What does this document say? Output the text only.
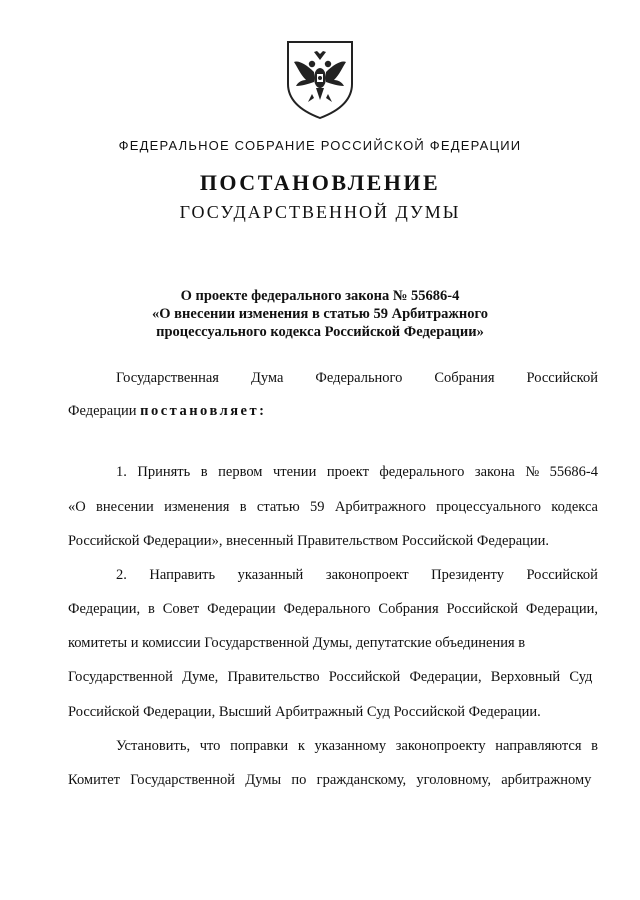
ФЕДЕРАЛЬНОЕ СОБРАНИЕ РОССИЙСКОЙ ФЕДЕРАЦИИ
ПОСТАНОВЛЕНИЕ
ГОСУДАРСТВЕННОЙ ДУМЫ
О проекте федерального закона № 55686-4
«О внесении изменения в статью 59 Арбитражного
процессуального кодекса Российской Федерации»
Государственная Дума Федерального Собрания Российской
Федерации постановляет:
1. Принять в первом чтении проект федерального закона № 55686-4
«О внесении изменения в статью 59 Арбитражного процессуального кодекса
Российской Федерации», внесенный Правительством Российской Федерации.
2. Направить указанный законопроект Президенту Российской
Федерации, в Совет Федерации Федерального Собрания Российской Федерации,
комитеты и комиссии Государственной Думы, депутатские объединения в
Государственной Думе, Правительство Российской Федерации, Верховный Суд
Российской Федерации, Высший Арбитражный Суд Российской Федерации.
Установить, что поправки к указанному законопроекту направляются в
Комитет Государственной Думы по гражданскому, уголовному, арбитражному
